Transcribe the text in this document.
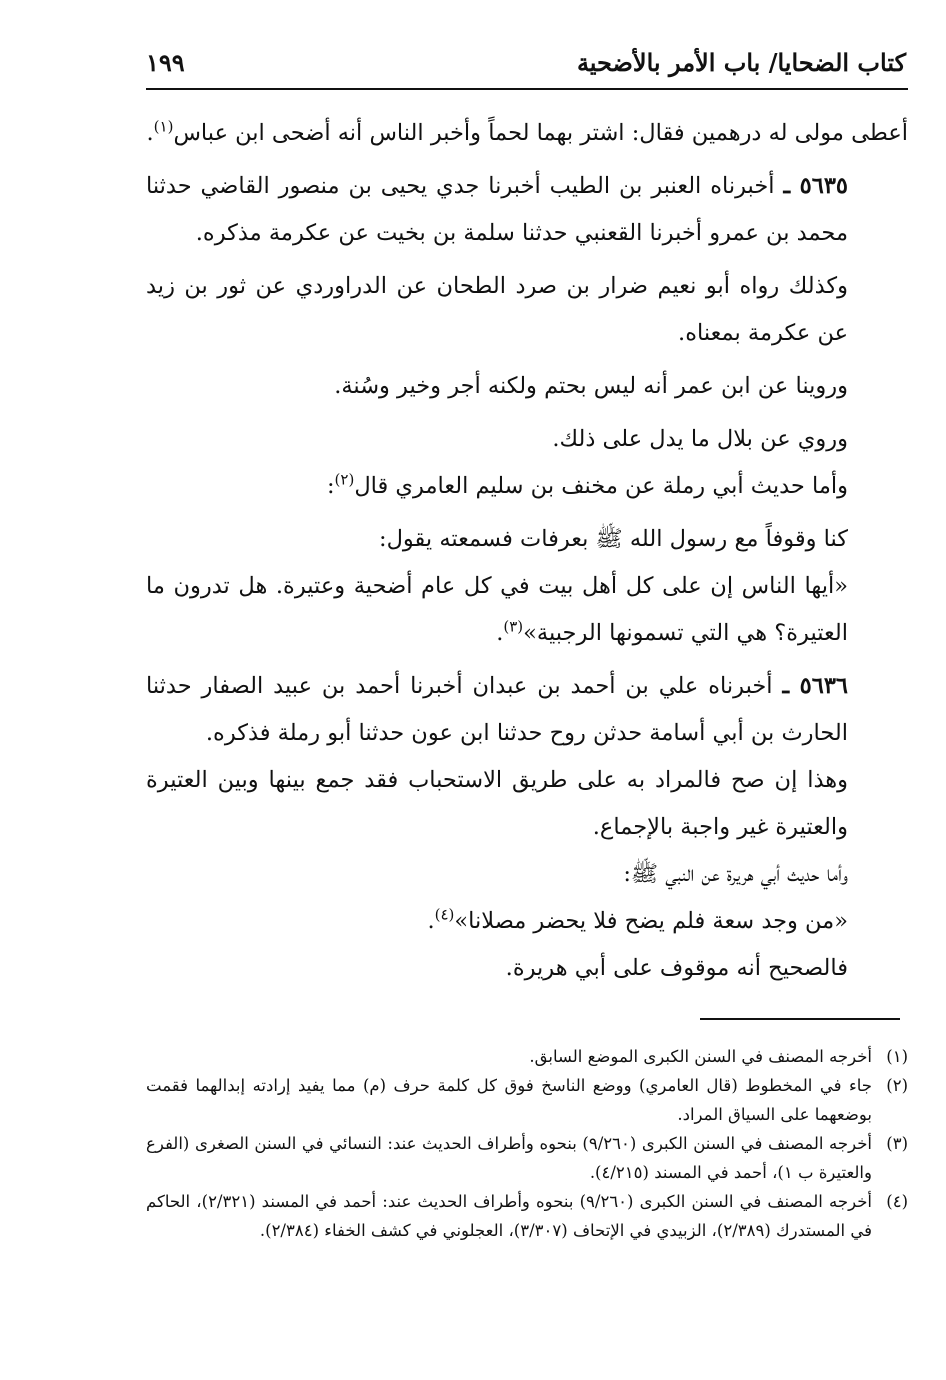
كتاب الضحايا/ باب الأمر بالأضحية
١٩٩

أعطى مولى له درهمين فقال: اشتر بهما لحماً وأخبر الناس أنه أضحى ابن عباس$^{(١)}$.

٥٦٣٥ ـ أخبرناه العنبر بن الطيب أخبرنا جدي يحيى بن منصور القاضي حدثنا محمد بن عمرو أخبرنا القعنبي حدثنا سلمة بن بخيت عن عكرمة مذكره.

وكذلك رواه أبو نعيم ضرار بن صرد الطحان عن الدراوردي عن ثور بن زيد عن عكرمة بمعناه.

وروينا عن ابن عمر أنه ليس بحتم ولكنه أجر وخير وسُنة.

وروي عن بلال ما يدل على ذلك.

وأما حديث أبي رملة عن مخنف بن سليم العامري قال$^{(٢)}$:

كنا وقوفاً مع رسول الله ﷺ بعرفات فسمعته يقول:

«أيها الناس إن على كل أهل بيت في كل عام أضحية وعتيرة. هل تدرون ما العتيرة؟ هي التي تسمونها الرجبية»$^{(٣)}$.

٥٦٣٦ ـ أخبرناه علي بن أحمد بن عبدان أخبرنا أحمد بن عبيد الصفار حدثنا الحارث بن أبي أسامة حدثن روح حدثنا ابن عون حدثنا أبو رملة فذكره.

وهذا إن صح فالمراد به على طريق الاستحباب فقد جمع بينها وبين العتيرة والعتيرة غير واجبة بالإجماع.

وأما حديث أبي هريرة عن النبي ﷺ:

«من وجد سعة فلم يضح فلا يحضر مصلانا»$^{(٤)}$.

فالصحيح أنه موقوف على أبي هريرة.

(١)
أخرجه المصنف في السنن الكبرى الموضع السابق.
(٢)
جاء في المخطوط (قال العامري) ووضع الناسخ فوق كل كلمة حرف (م) مما يفيد إرادته إبدالهما فقمت بوضعهما على السياق المراد.
(٣)
أخرجه المصنف في السنن الكبرى (٩/٢٦٠) بنحوه وأطراف الحديث عند: النسائي في السنن الصغرى (الفرع والعتيرة ب ١)، أحمد في المسند (٤/٢١٥).
(٤)
أخرجه المصنف في السنن الكبرى (٩/٢٦٠) بنحوه وأطراف الحديث عند: أحمد في المسند (٢/٣٢١)، الحاكم في المستدرك (٢/٣٨٩)، الزبيدي في الإتحاف (٣/٣٠٧)، العجلوني في كشف الخفاء (٢/٣٨٤).
